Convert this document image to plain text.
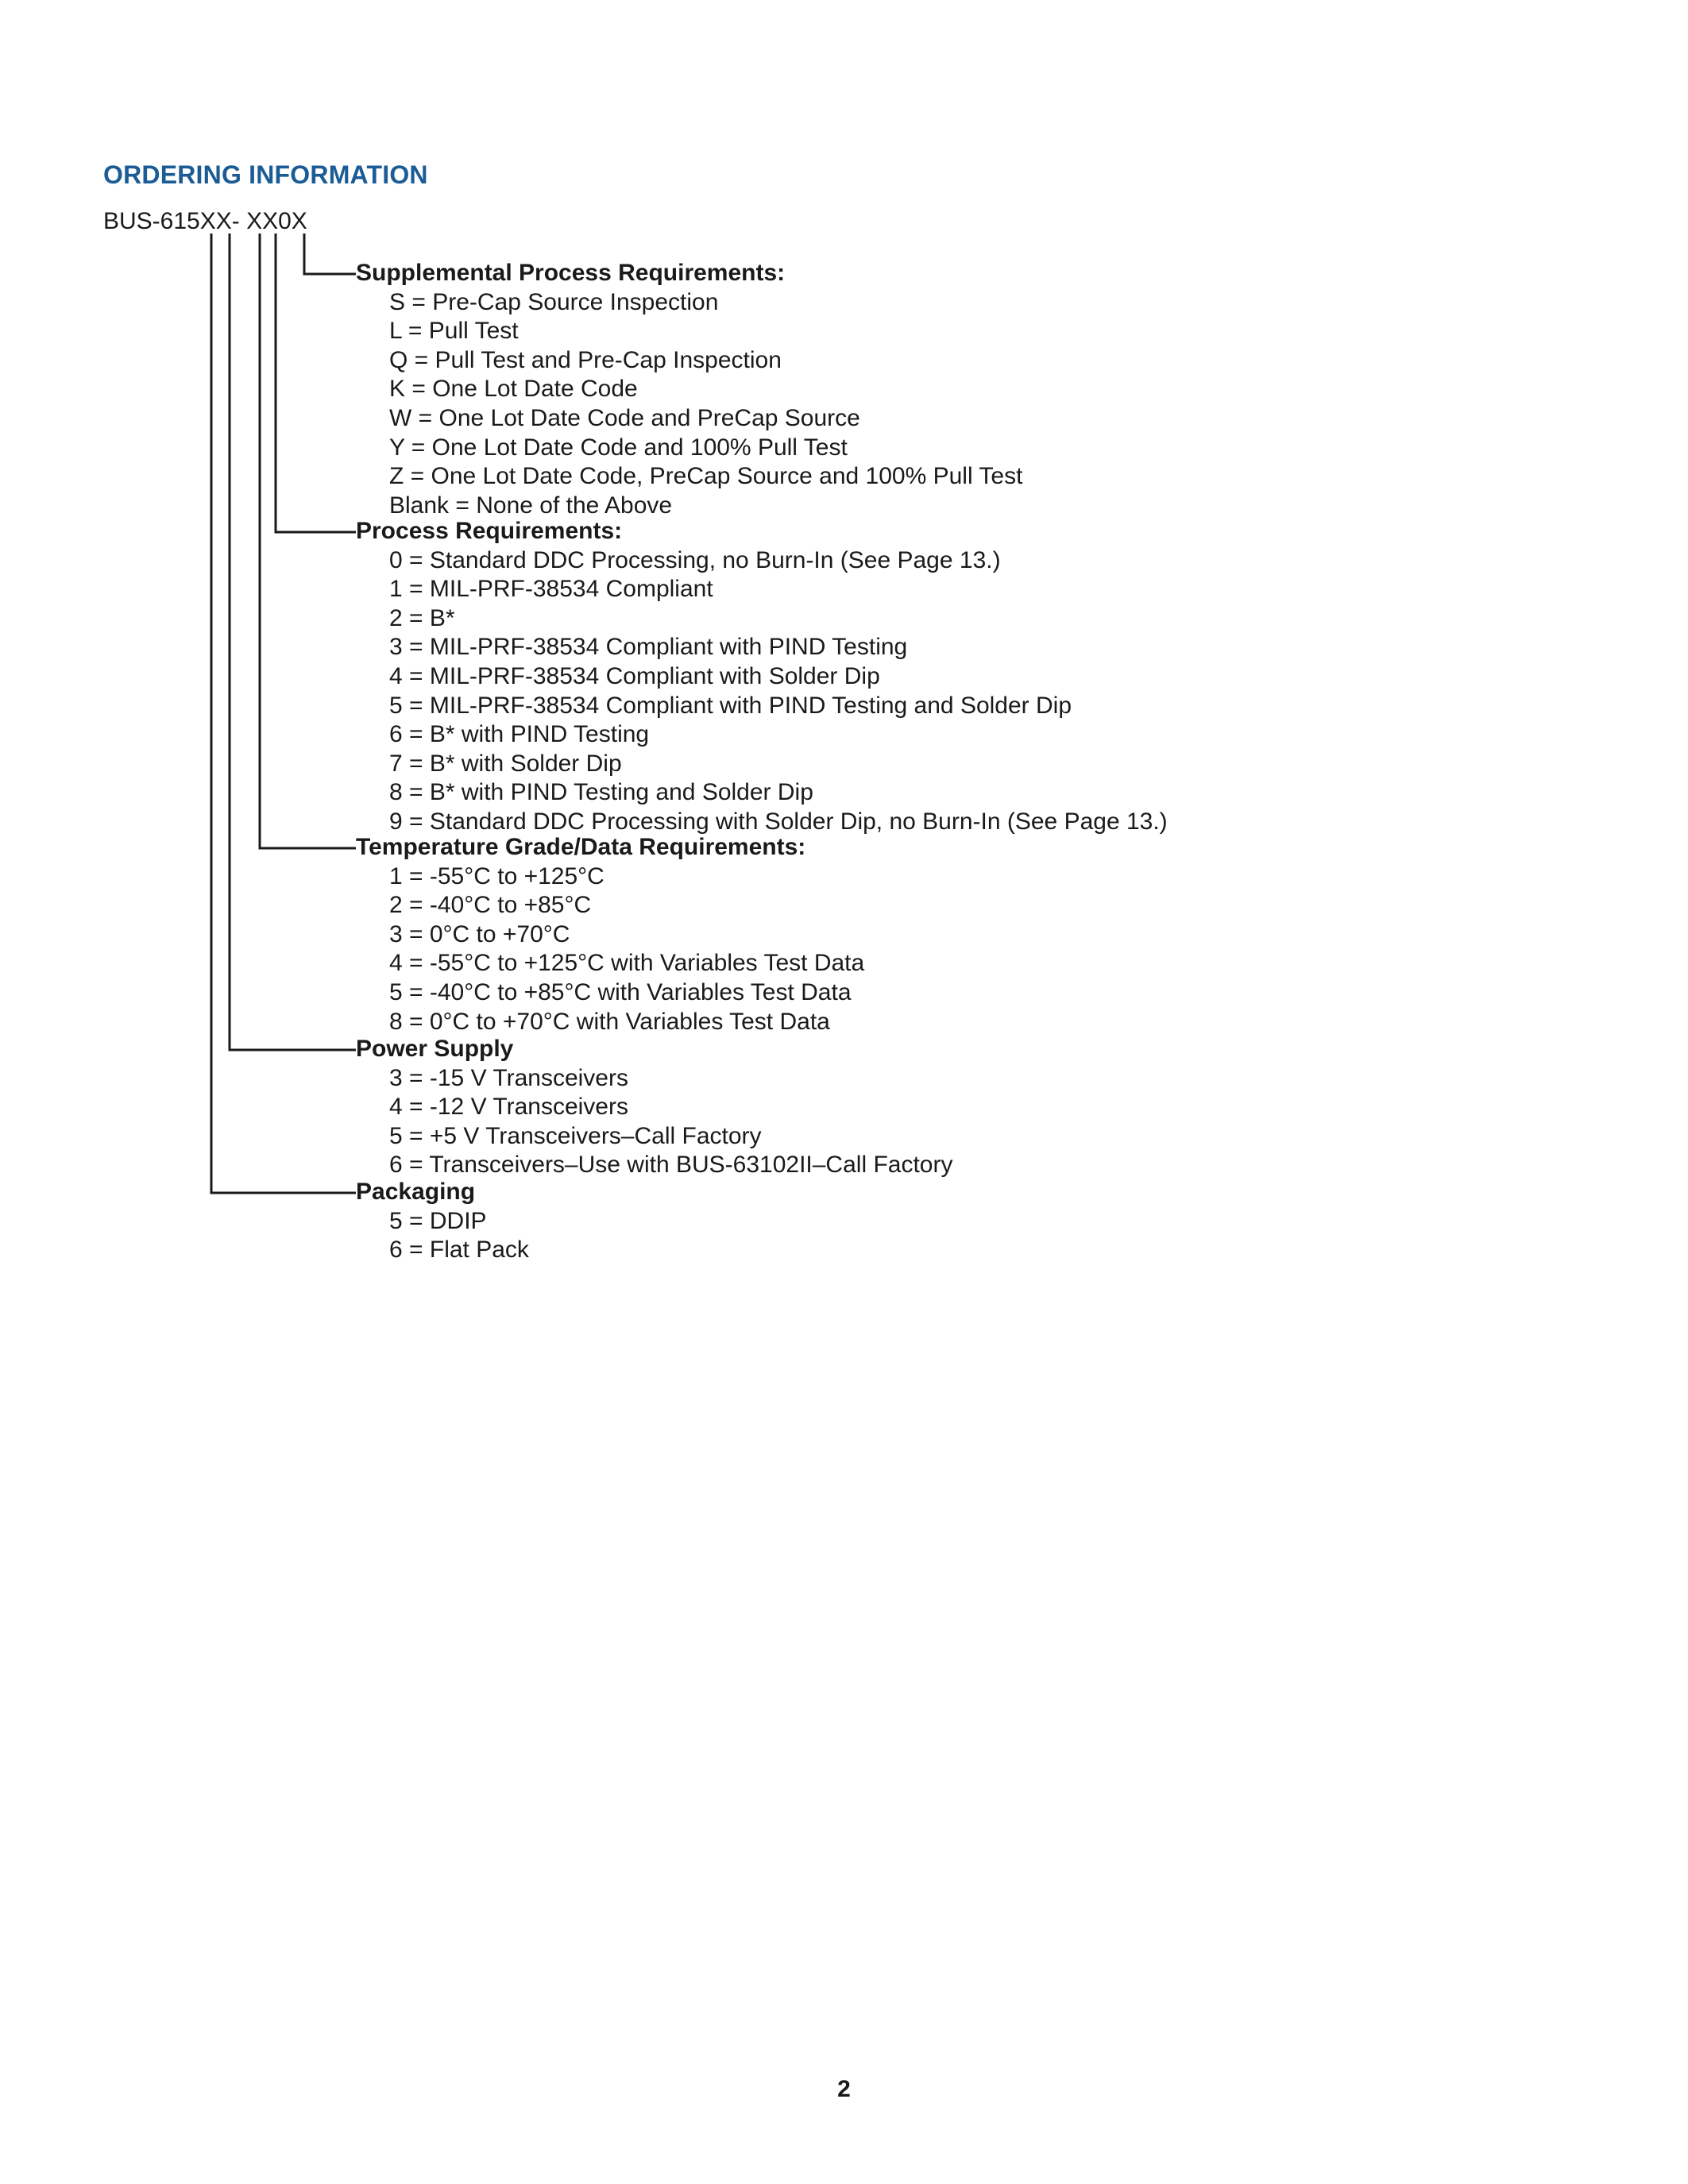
ORDERING INFORMATION
BUS-615XX- XX0X
Supplemental Process Requirements:
S = Pre-Cap Source Inspection
L = Pull Test
Q = Pull Test and Pre-Cap Inspection
K = One Lot Date Code
W = One Lot Date Code and PreCap Source
Y = One Lot Date Code and 100% Pull Test
Z = One Lot Date Code, PreCap Source and 100% Pull Test
Blank = None of the Above
Process Requirements:
0 = Standard DDC Processing, no Burn-In (See Page 13.)
1 = MIL-PRF-38534 Compliant
2 = B*
3 = MIL-PRF-38534 Compliant with PIND Testing
4 = MIL-PRF-38534 Compliant with Solder Dip
5 = MIL-PRF-38534 Compliant with PIND Testing and Solder Dip
6 = B* with PIND Testing
7 = B* with Solder Dip
8 = B* with PIND Testing and Solder Dip
9 = Standard DDC Processing with Solder Dip, no Burn-In (See Page 13.)
Temperature Grade/Data Requirements:
1 = -55°C to +125°C
2 = -40°C to +85°C
3 = 0°C to +70°C
4 = -55°C to +125°C with Variables Test Data
5 = -40°C to +85°C with Variables Test Data
8 = 0°C to +70°C with Variables Test Data
Power Supply
3 = -15 V Transceivers
4 = -12 V Transceivers
5 = +5 V Transceivers–Call Factory
6 = Transceivers–Use with BUS-63102II–Call Factory
Packaging
5 = DDIP
6 = Flat Pack
2
